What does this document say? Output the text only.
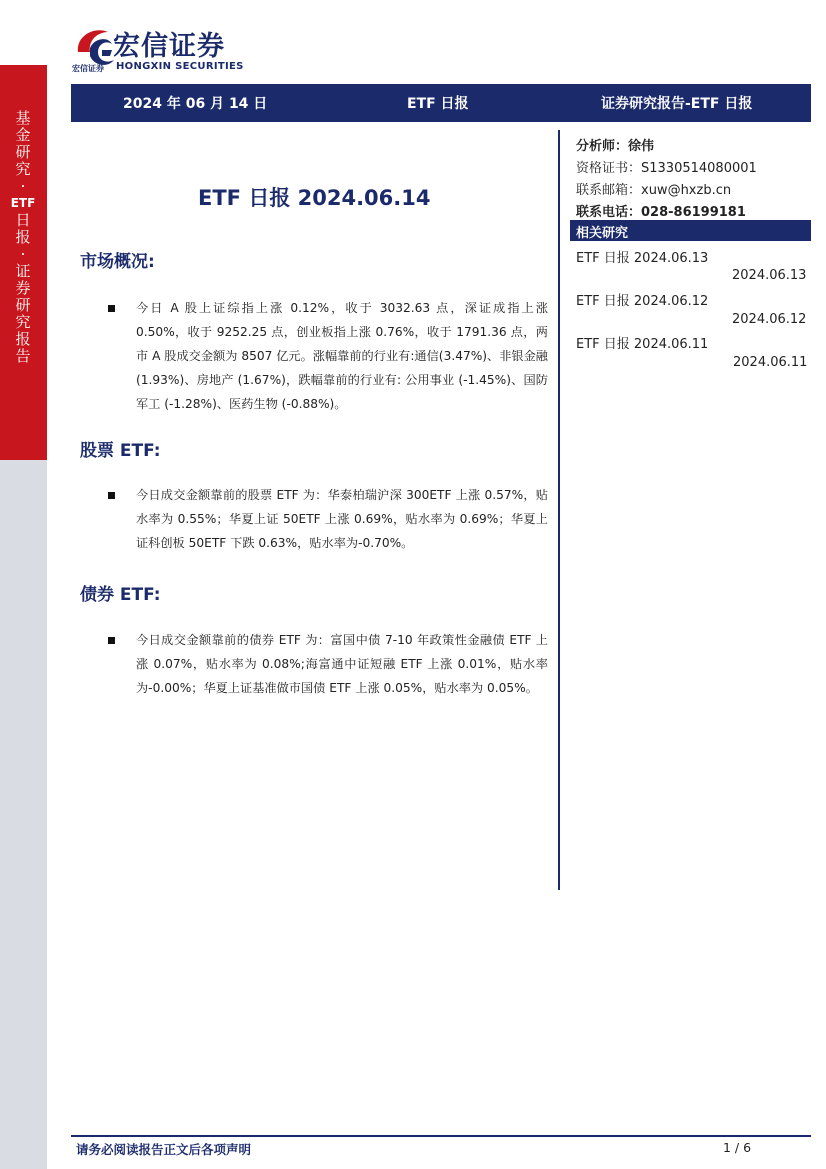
基
金
研
究
·
ETF
日
报
·
证
券
研
究
报
告
宏信证券
宏信证券 HONGXIN SECURITIES
2024 年 06 月 14 日	ETF 日报	证券研究报告-ETF 日报
ETF 日报 2024.06.14
市场概况:
今日 A 股上证综指上涨 0.12%，收于 3032.63 点，深证成指上涨 0.50%，收于 9252.25 点，创业板指上涨 0.76%，收于 1791.36 点，两市 A 股成交金额为 8507 亿元。涨幅靠前的行业有:通信(3.47%)、非银金融 (1.93%)、房地产 (1.67%)，跌幅靠前的行业有: 公用事业 (-1.45%)、国防军工 (-1.28%)、医药生物 (-0.88%)。
股票 ETF:
今日成交金额靠前的股票 ETF 为：华泰柏瑞沪深 300ETF 上涨 0.57%，贴水率为 0.55%；华夏上证 50ETF 上涨 0.69%，贴水率为 0.69%；华夏上证科创板 50ETF 下跌 0.63%，贴水率为-0.70%。
债券 ETF:
今日成交金额靠前的债券 ETF 为：富国中债 7-10 年政策性金融债 ETF 上涨 0.07%，贴水率为 0.08%;海富通中证短融 ETF 上涨 0.01%，贴水率为-0.00%；华夏上证基准做市国债 ETF 上涨 0.05%，贴水率为 0.05%。
分析师：徐伟
资格证书：S1330514080001
联系邮箱：xuw@hxzb.cn
联系电话：028-86199181
相关研究
ETF 日报 2024.06.13
2024.06.13
ETF 日报 2024.06.12
2024.06.12
ETF 日报 2024.06.11
2024.06.11
请务必阅读报告正文后各项声明	1 / 6
